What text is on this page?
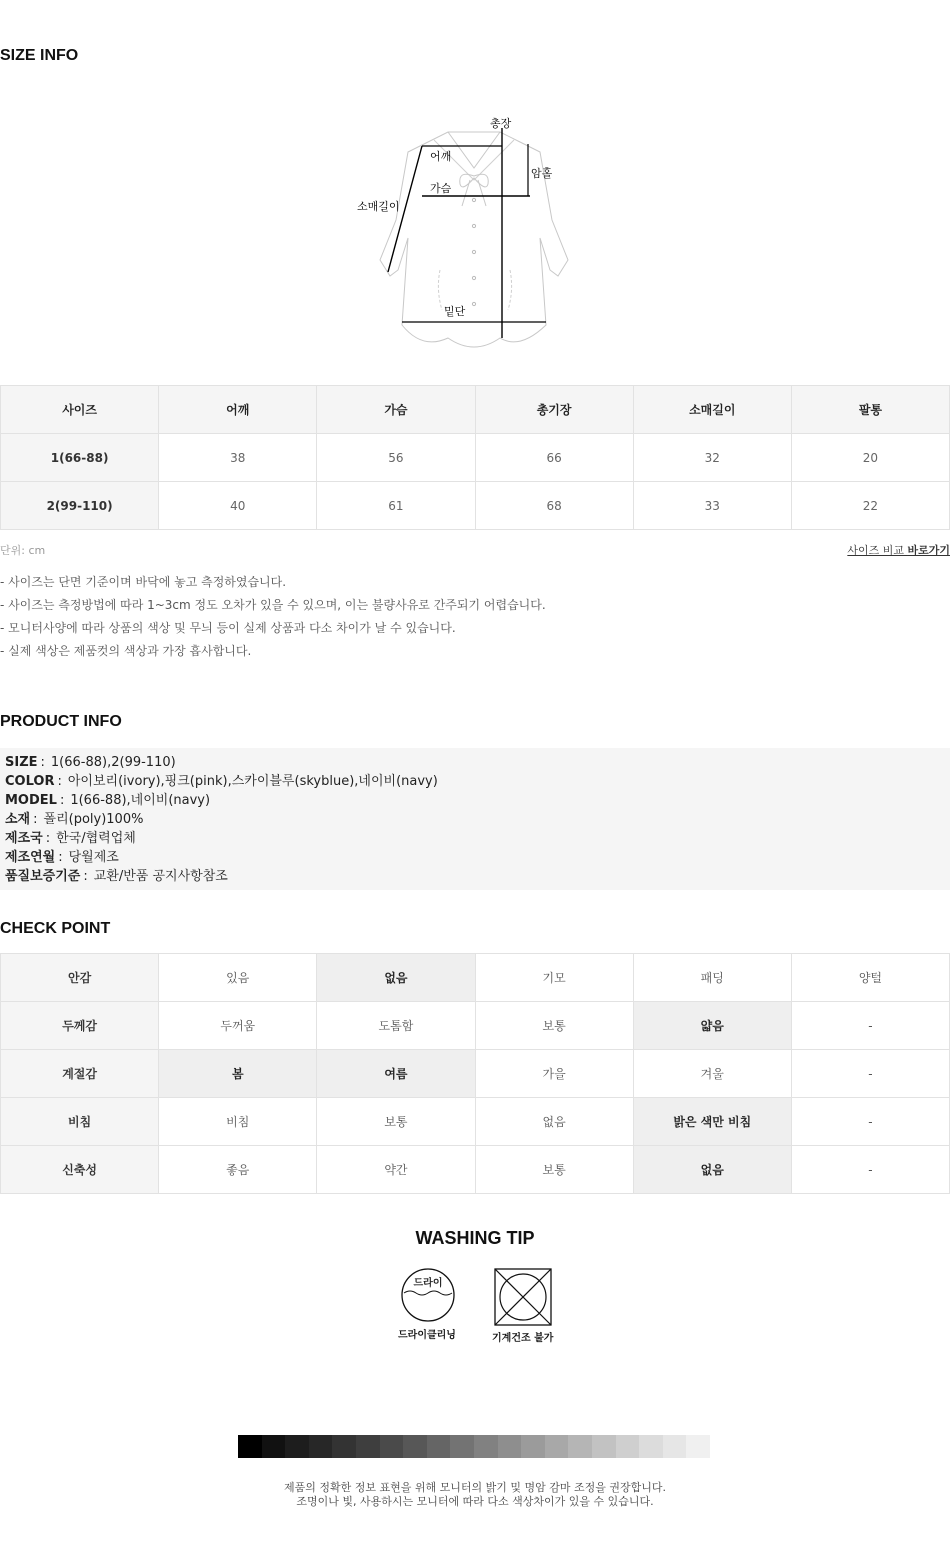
SIZE INFO
총장
어깨
가슴
암홀
소매길이
밑단
사이즈	어깨	가슴	총기장	소매길이	팔통
1(66-88)	38	56	66	32	20
2(99-110)	40	61	68	33	22
단위: cm	사이즈 비교 바로가기
- 사이즈는 단면 기준이며 바닥에 놓고 측정하였습니다.
- 사이즈는 측정방법에 따라 1~3cm 정도 오차가 있을 수 있으며, 이는 불량사유로 간주되기 어렵습니다.
- 모니터사양에 따라 상품의 색상 및 무늬 등이 실제 상품과 다소 차이가 날 수 있습니다.
- 실제 색상은 제품컷의 색상과 가장 흡사합니다.
PRODUCT INFO
SIZE : 1(66-88),2(99-110)
COLOR : 아이보리(ivory),핑크(pink),스카이블루(skyblue),네이비(navy)
MODEL : 1(66-88),네이비(navy)
소재 : 폴리(poly)100%
제조국 : 한국/협력업체
제조연월 : 당월제조
품질보증기준 : 교환/반품 공지사항참조
CHECK POINT
안감	있음	없음	기모	패딩	양털
두께감	두꺼움	도톰함	보통	얇음	-
계절감	봄	여름	가을	겨울	-
비침	비침	보통	없음	밝은 색만 비침	-
신축성	좋음	약간	보통	없음	-
WASHING TIP
드라이
드라이클리닝	기계건조 불가
제품의 정확한 정보 표현을 위해 모니터의 밝기 및 명암 감마 조정을 권장합니다.
조명이나 빛, 사용하시는 모니터에 따라 다소 색상차이가 있을 수 있습니다.
